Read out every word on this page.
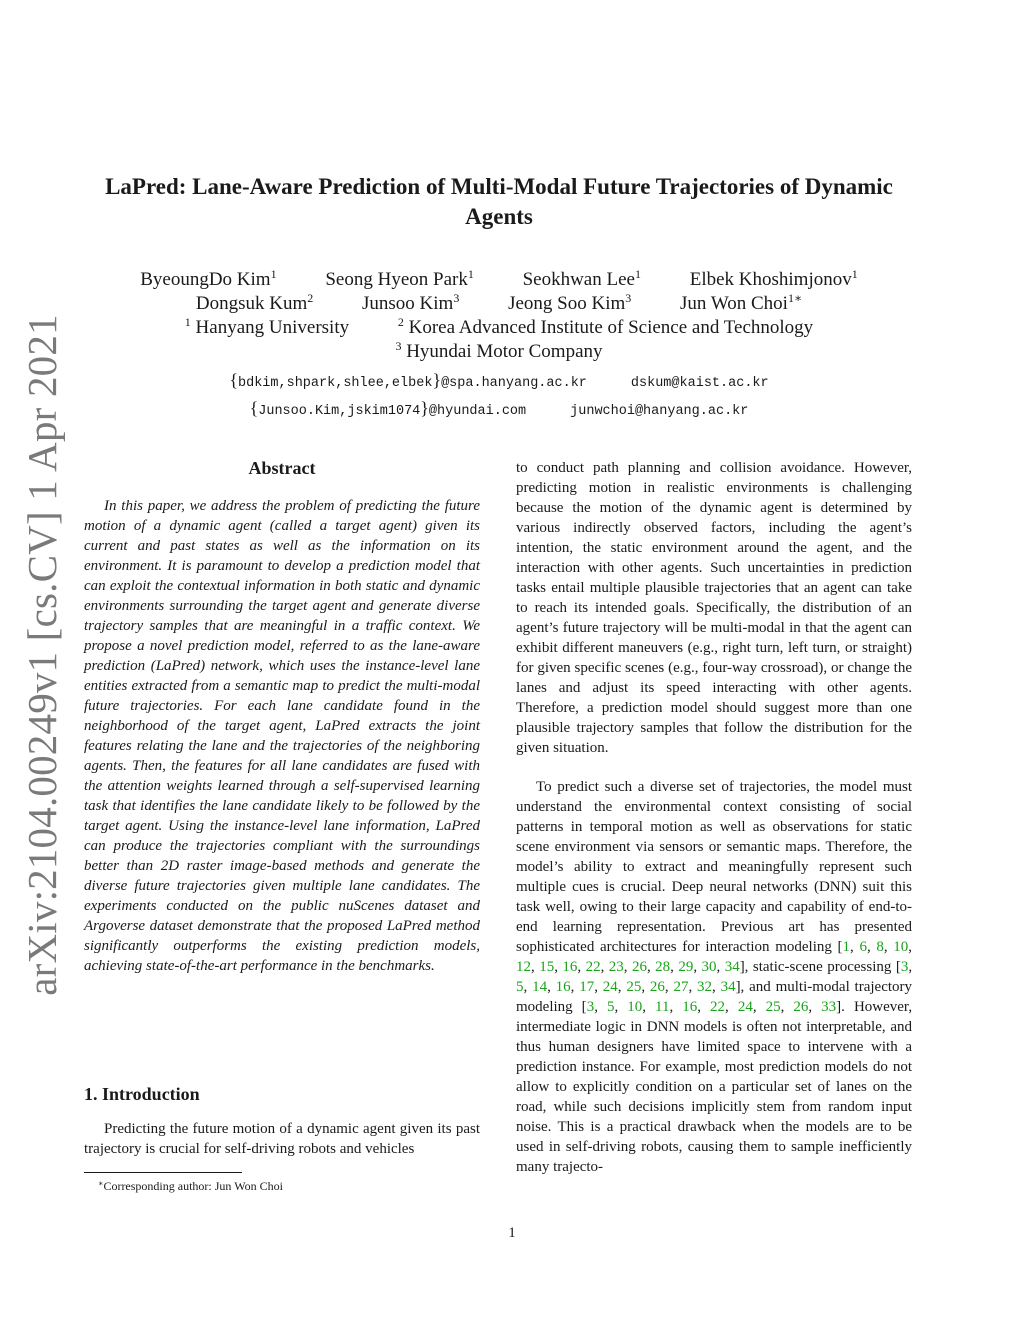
arXiv:2104.00249v1 [cs.CV] 1 Apr 2021
LaPred: Lane-Aware Prediction of Multi-Modal Future Trajectories of Dynamic Agents
ByeoungDo Kim$^1$	Seong Hyeon Park$^1$	Seokhwan Lee$^1$	Elbek Khoshimjonov$^1$
Dongsuk Kum$^2$	Junsoo Kim$^3$	Jeong Soo Kim$^3$	Jun Won Choi$^{1∗}$
$^1$ Hanyang University	$^2$ Korea Advanced Institute of Science and Technology
$^3$ Hyundai Motor Company
{bdkim,shpark,shlee,elbek}@spa.hanyang.ac.kr	dskum@kaist.ac.kr
{Junsoo.Kim,jskim1074}@hyundai.com	junwchoi@hanyang.ac.kr
Abstract

In this paper, we address the problem of predicting the future motion of a dynamic agent (called a target agent) given its current and past states as well as the information on its environment. It is paramount to develop a prediction model that can exploit the contextual information in both static and dynamic environments surrounding the target agent and generate diverse trajectory samples that are meaningful in a traffic context. We propose a novel prediction model, referred to as the lane-aware prediction (LaPred) network, which uses the instance-level lane entities extracted from a semantic map to predict the multi-modal future trajectories. For each lane candidate found in the neighborhood of the target agent, LaPred extracts the joint features relating the lane and the trajectories of the neighboring agents. Then, the features for all lane candidates are fused with the attention weights learned through a self-supervised learning task that identifies the lane candidate likely to be followed by the target agent. Using the instance-level lane information, LaPred can produce the trajectories compliant with the surroundings better than 2D raster image-based methods and generate the diverse future trajectories given multiple lane candidates. The experiments conducted on the public nuScenes dataset and Argoverse dataset demonstrate that the proposed LaPred method significantly outperforms the existing prediction models, achieving state-of-the-art performance in the benchmarks.

1. Introduction

Predicting the future motion of a dynamic agent given its past trajectory is crucial for self-driving robots and vehicles

∗Corresponding author: Jun Won Choi

to conduct path planning and collision avoidance. However, predicting motion in realistic environments is challenging because the motion of the dynamic agent is determined by various indirectly observed factors, including the agent’s intention, the static environment around the agent, and the interaction with other agents. Such uncertainties in prediction tasks entail multiple plausible trajectories that an agent can take to reach its intended goals. Specifically, the distribution of an agent’s future trajectory will be multi-modal in that the agent can exhibit different maneuvers (e.g., right turn, left turn, or straight) for given specific scenes (e.g., four-way crossroad), or change the lanes and adjust its speed interacting with other agents. Therefore, a prediction model should suggest more than one plausible trajectory samples that follow the distribution for the given situation.

To predict such a diverse set of trajectories, the model must understand the environmental context consisting of social patterns in temporal motion as well as observations for static scene environment via sensors or semantic maps. Therefore, the model’s ability to extract and meaningfully represent such multiple cues is crucial. Deep neural networks (DNN) suit this task well, owing to their large capacity and capability of end-to-end learning representation. Previous art has presented sophisticated architectures for interaction modeling [1, 6, 8, 10, 12, 15, 16, 22, 23, 26, 28, 29, 30, 34], static-scene processing [3, 5, 14, 16, 17, 24, 25, 26, 27, 32, 34], and multi-modal trajectory modeling [3, 5, 10, 11, 16, 22, 24, 25, 26, 33]. However, intermediate logic in DNN models is often not interpretable, and thus human designers have limited space to intervene with a prediction instance. For example, most prediction models do not allow to explicitly condition on a particular set of lanes on the road, while such decisions implicitly stem from random input noise. This is a practical drawback when the models are to be used in self-driving robots, causing them to sample inefficiently many trajecto-

1
